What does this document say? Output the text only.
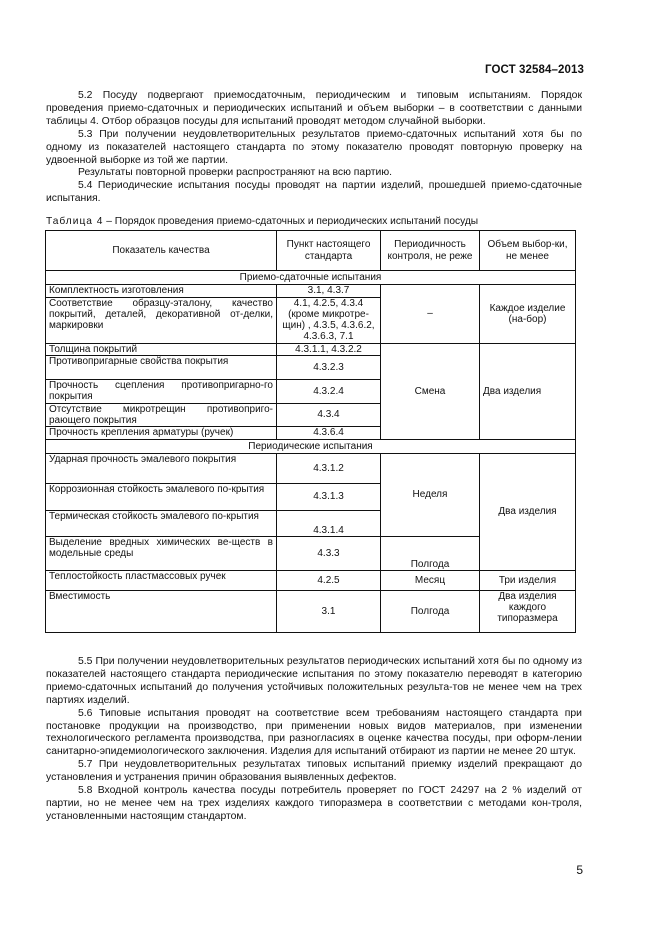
ГОСТ 32584–2013

5.2 Посуду подвергают приемосдаточным, периодическим и типовым испытаниям. Порядок проведения приемо-сдаточных и периодических испытаний и объем выборки – в соответствии с данными таблицы 4. Отбор образцов посуды для испытаний проводят методом случайной выборки.

5.3 При получении неудовлетворительных результатов приемо-сдаточных испытаний хотя бы по одному из показателей настоящего стандарта по этому показателю проводят повторную проверку на удвоенной выборке из той же партии.

Результаты повторной проверки распространяют на всю партию.

5.4 Периодические испытания посуды проводят на партии изделий, прошедшей приемо-сдаточные испытания.

Таблица 4 – Порядок проведения приемо-сдаточных и периодических испытаний посуды
Показатель качества	Пункт настоящего стандарта	Периодичность контроля, не реже	Объем выбор-ки, не менее
Приемо-сдаточные испытания			
Комплектность изготовления	3.1, 4.3.7	–	Каждое изделие (на-бор)
Соответствие образцу-эталону, качество покрытий, деталей, декоративной от-делки, маркировки	4.1, 4.2.5, 4.3.4 (кроме микротре-щин) , 4.3.5, 4.3.6.2, 4.3.6.3, 7.1		
Толщина покрытий	4.3.1.1, 4.3.2.2	Смена	Два изделия
Противопригарные свойства покрытия	4.3.2.3		
Прочность сцепления противопригарно-го покрытия	4.3.2.4		
Отсутствие микротрещин противоприго-рающего покрытия	4.3.4		
Прочность крепления арматуры (ручек)	4.3.6.4		
Периодические испытания			
Ударная прочность эмалевого покрытия	4.3.1.2	Неделя	Два изделия
Коррозионная стойкость эмалевого по-крытия	4.3.1.3		
Термическая стойкость эмалевого по-крытия	4.3.1.4		
Выделение вредных химических ве-ществ в модельные среды	4.3.3	Полгода	
Теплостойкость пластмассовых ручек	4.2.5	Месяц	Три изделия
Вместимость	3.1	Полгода	Два изделия каждого типоразмера

5.5 При получении неудовлетворительных результатов периодических испытаний хотя бы по одному из показателей настоящего стандарта периодические испытания по этому показателю переводят в категорию приемо-сдаточных испытаний до получения устойчивых положительных результа-тов не менее чем на трех партиях изделий.

5.6 Типовые испытания проводят на соответствие всем требованиям настоящего стандарта при постановке продукции на производство, при применении новых видов материалов, при изменении технологического регламента производства, при разногласиях в оценке качества посуды, при оформ-лении санитарно-эпидемиологического заключения. Изделия для испытаний отбирают из партии не менее 20 штук.

5.7 При неудовлетворительных результатах типовых испытаний приемку изделий прекращают до установления и устранения причин образования выявленных дефектов.

5.8 Входной контроль качества посуды потребитель проверяет по ГОСТ 24297 на 2 % изделий от партии, но не менее чем на трех изделиях каждого типоразмера в соответствии с методами кон-троля, установленными настоящим стандартом.

5
